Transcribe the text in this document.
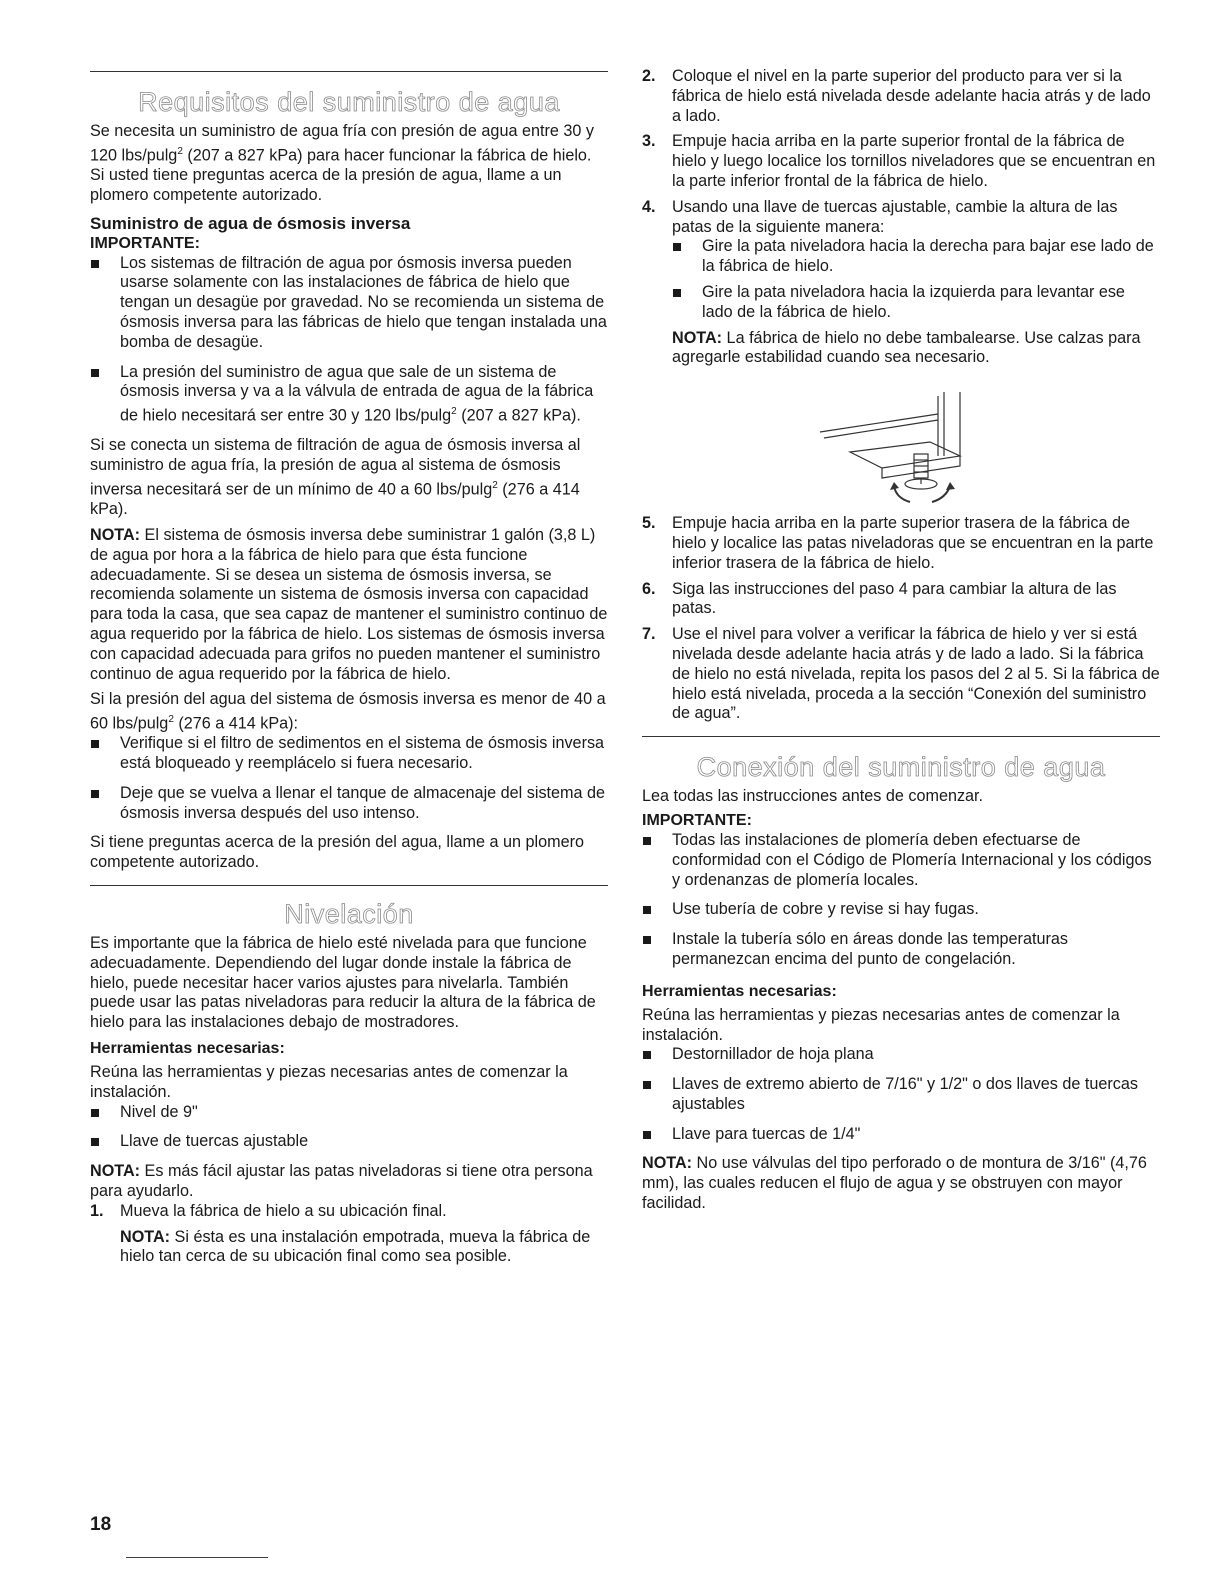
Requisitos del suministro de agua

Se necesita un suministro de agua fría con presión de agua entre 30 y 120 lbs/pulg$^2$ (207 a 827 kPa) para hacer funcionar la fábrica de hielo. Si usted tiene preguntas acerca de la presión de agua, llame a un plomero competente autorizado.

Suministro de agua de ósmosis inversa

IMPORTANTE:

Los sistemas de filtración de agua por ósmosis inversa pueden usarse solamente con las instalaciones de fábrica de hielo que tengan un desagüe por gravedad. No se recomienda un sistema de ósmosis inversa para las fábricas de hielo que tengan instalada una bomba de desagüe.
La presión del suministro de agua que sale de un sistema de ósmosis inversa y va a la válvula de entrada de agua de la fábrica de hielo necesitará ser entre 30 y 120 lbs/pulg$^2$ (207 a 827 kPa).

Si se conecta un sistema de filtración de agua de ósmosis inversa al suministro de agua fría, la presión de agua al sistema de ósmosis inversa necesitará ser de un mínimo de 40 a 60 lbs/pulg$^2$ (276 a 414 kPa).

NOTA: El sistema de ósmosis inversa debe suministrar 1 galón (3,8 L) de agua por hora a la fábrica de hielo para que ésta funcione adecuadamente. Si se desea un sistema de ósmosis inversa, se recomienda solamente un sistema de ósmosis inversa con capacidad para toda la casa, que sea capaz de mantener el suministro continuo de agua requerido por la fábrica de hielo. Los sistemas de ósmosis inversa con capacidad adecuada para grifos no pueden mantener el suministro continuo de agua requerido por la fábrica de hielo.

Si la presión del agua del sistema de ósmosis inversa es menor de 40 a 60 lbs/pulg$^2$ (276 a 414 kPa):

Verifique si el filtro de sedimentos en el sistema de ósmosis inversa está bloqueado y reemplácelo si fuera necesario.
Deje que se vuelva a llenar el tanque de almacenaje del sistema de ósmosis inversa después del uso intenso.

Si tiene preguntas acerca de la presión del agua, llame a un plomero competente autorizado.

Nivelación

Es importante que la fábrica de hielo esté nivelada para que funcione adecuadamente. Dependiendo del lugar donde instale la fábrica de hielo, puede necesitar hacer varios ajustes para nivelarla. También puede usar las patas niveladoras para reducir la altura de la fábrica de hielo para las instalaciones debajo de mostradores.

Herramientas necesarias:

Reúna las herramientas y piezas necesarias antes de comenzar la instalación.

Nivel de 9"
Llave de tuercas ajustable

NOTA: Es más fácil ajustar las patas niveladoras si tiene otra persona para ayudarlo.

1. Mueva la fábrica de hielo a su ubicación final.

NOTA: Si ésta es una instalación empotrada, mueva la fábrica de hielo tan cerca de su ubicación final como sea posible.

2. Coloque el nivel en la parte superior del producto para ver si la fábrica de hielo está nivelada desde adelante hacia atrás y de lado a lado.
3. Empuje hacia arriba en la parte superior frontal de la fábrica de hielo y luego localice los tornillos niveladores que se encuentran en la parte inferior frontal de la fábrica de hielo.
4. Usando una llave de tuercas ajustable, cambie la altura de las patas de la siguiente manera:
Gire la pata niveladora hacia la derecha para bajar ese lado de la fábrica de hielo.
Gire la pata niveladora hacia la izquierda para levantar ese lado de la fábrica de hielo.

NOTA: La fábrica de hielo no debe tambalearse. Use calzas para agregarle estabilidad cuando sea necesario.

5. Empuje hacia arriba en la parte superior trasera de la fábrica de hielo y localice las patas niveladoras que se encuentran en la parte inferior trasera de la fábrica de hielo.
6. Siga las instrucciones del paso 4 para cambiar la altura de las patas.
7. Use el nivel para volver a verificar la fábrica de hielo y ver si está nivelada desde adelante hacia atrás y de lado a lado. Si la fábrica de hielo no está nivelada, repita los pasos del 2 al 5. Si la fábrica de hielo está nivelada, proceda a la sección “Conexión del suministro de agua”.
Conexión del suministro de agua

Lea todas las instrucciones antes de comenzar.

IMPORTANTE:

Todas las instalaciones de plomería deben efectuarse de conformidad con el Código de Plomería Internacional y los códigos y ordenanzas de plomería locales.
Use tubería de cobre y revise si hay fugas.
Instale la tubería sólo en áreas donde las temperaturas permanezcan encima del punto de congelación.

Herramientas necesarias:

Reúna las herramientas y piezas necesarias antes de comenzar la instalación.

Destornillador de hoja plana
Llaves de extremo abierto de 7/16" y 1/2" o dos llaves de tuercas ajustables
Llave para tuercas de 1/4"

NOTA: No use válvulas del tipo perforado o de montura de 3/16" (4,76 mm), las cuales reducen el flujo de agua y se obstruyen con mayor facilidad.

18
